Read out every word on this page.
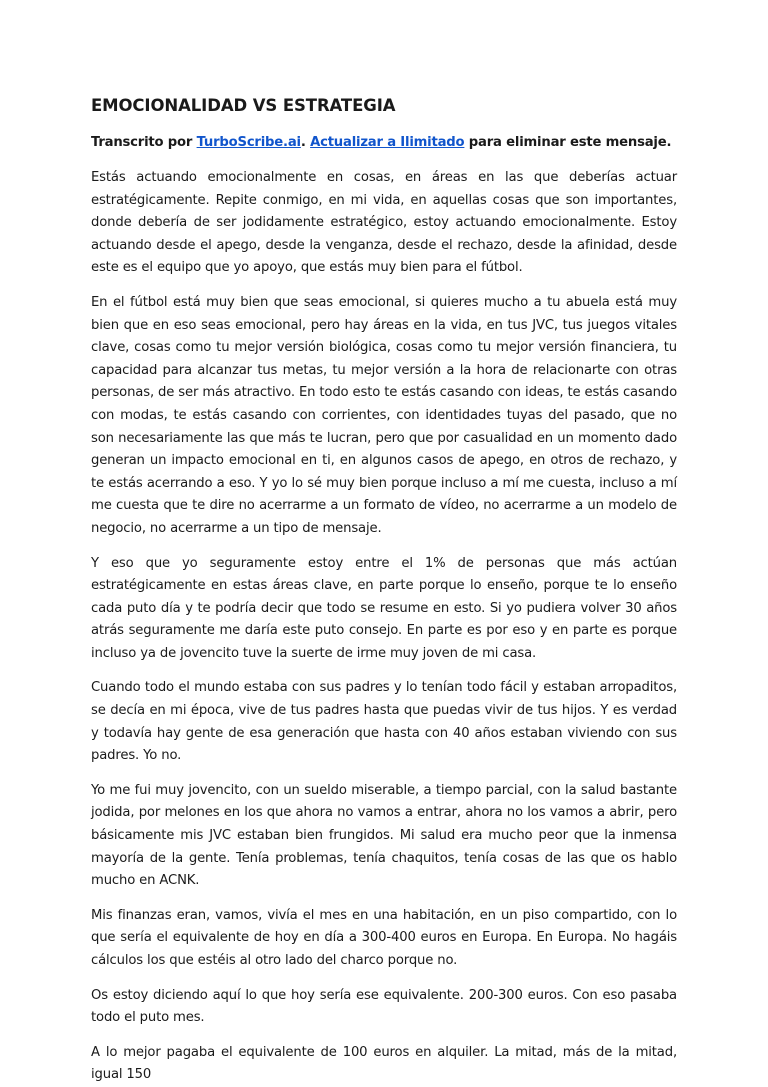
EMOCIONALIDAD VS ESTRATEGIA

Transcrito por TurboScribe.ai. Actualizar a Ilimitado para eliminar este mensaje.

Estás actuando emocionalmente en cosas, en áreas en las que deberías actuar estratégicamente. Repite conmigo, en mi vida, en aquellas cosas que son importantes, donde debería de ser jodidamente estratégico, estoy actuando emocionalmente. Estoy actuando desde el apego, desde la venganza, desde el rechazo, desde la afinidad, desde este es el equipo que yo apoyo, que estás muy bien para el fútbol.

En el fútbol está muy bien que seas emocional, si quieres mucho a tu abuela está muy bien que en eso seas emocional, pero hay áreas en la vida, en tus JVC, tus juegos vitales clave, cosas como tu mejor versión biológica, cosas como tu mejor versión financiera, tu capacidad para alcanzar tus metas, tu mejor versión a la hora de relacionarte con otras personas, de ser más atractivo. En todo esto te estás casando con ideas, te estás casando con modas, te estás casando con corrientes, con identidades tuyas del pasado, que no son necesariamente las que más te lucran, pero que por casualidad en un momento dado generan un impacto emocional en ti, en algunos casos de apego, en otros de rechazo, y te estás acerrando a eso. Y yo lo sé muy bien porque incluso a mí me cuesta, incluso a mí me cuesta que te dire no acerrarme a un formato de vídeo, no acerrarme a un modelo de negocio, no acerrarme a un tipo de mensaje.

Y eso que yo seguramente estoy entre el 1% de personas que más actúan estratégicamente en estas áreas clave, en parte porque lo enseño, porque te lo enseño cada puto día y te podría decir que todo se resume en esto. Si yo pudiera volver 30 años atrás seguramente me daría este puto consejo. En parte es por eso y en parte es porque incluso ya de jovencito tuve la suerte de irme muy joven de mi casa.

Cuando todo el mundo estaba con sus padres y lo tenían todo fácil y estaban arropaditos, se decía en mi época, vive de tus padres hasta que puedas vivir de tus hijos. Y es verdad y todavía hay gente de esa generación que hasta con 40 años estaban viviendo con sus padres. Yo no.

Yo me fui muy jovencito, con un sueldo miserable, a tiempo parcial, con la salud bastante jodida, por melones en los que ahora no vamos a entrar, ahora no los vamos a abrir, pero básicamente mis JVC estaban bien frungidos. Mi salud era mucho peor que la inmensa mayoría de la gente. Tenía problemas, tenía chaquitos, tenía cosas de las que os hablo mucho en ACNK.

Mis finanzas eran, vamos, vivía el mes en una habitación, en un piso compartido, con lo que sería el equivalente de hoy en día a 300-400 euros en Europa. En Europa. No hagáis cálculos los que estéis al otro lado del charco porque no.

Os estoy diciendo aquí lo que hoy sería ese equivalente. 200-300 euros. Con eso pasaba todo el puto mes.

A lo mejor pagaba el equivalente de 100 euros en alquiler. La mitad, más de la mitad, igual 150
